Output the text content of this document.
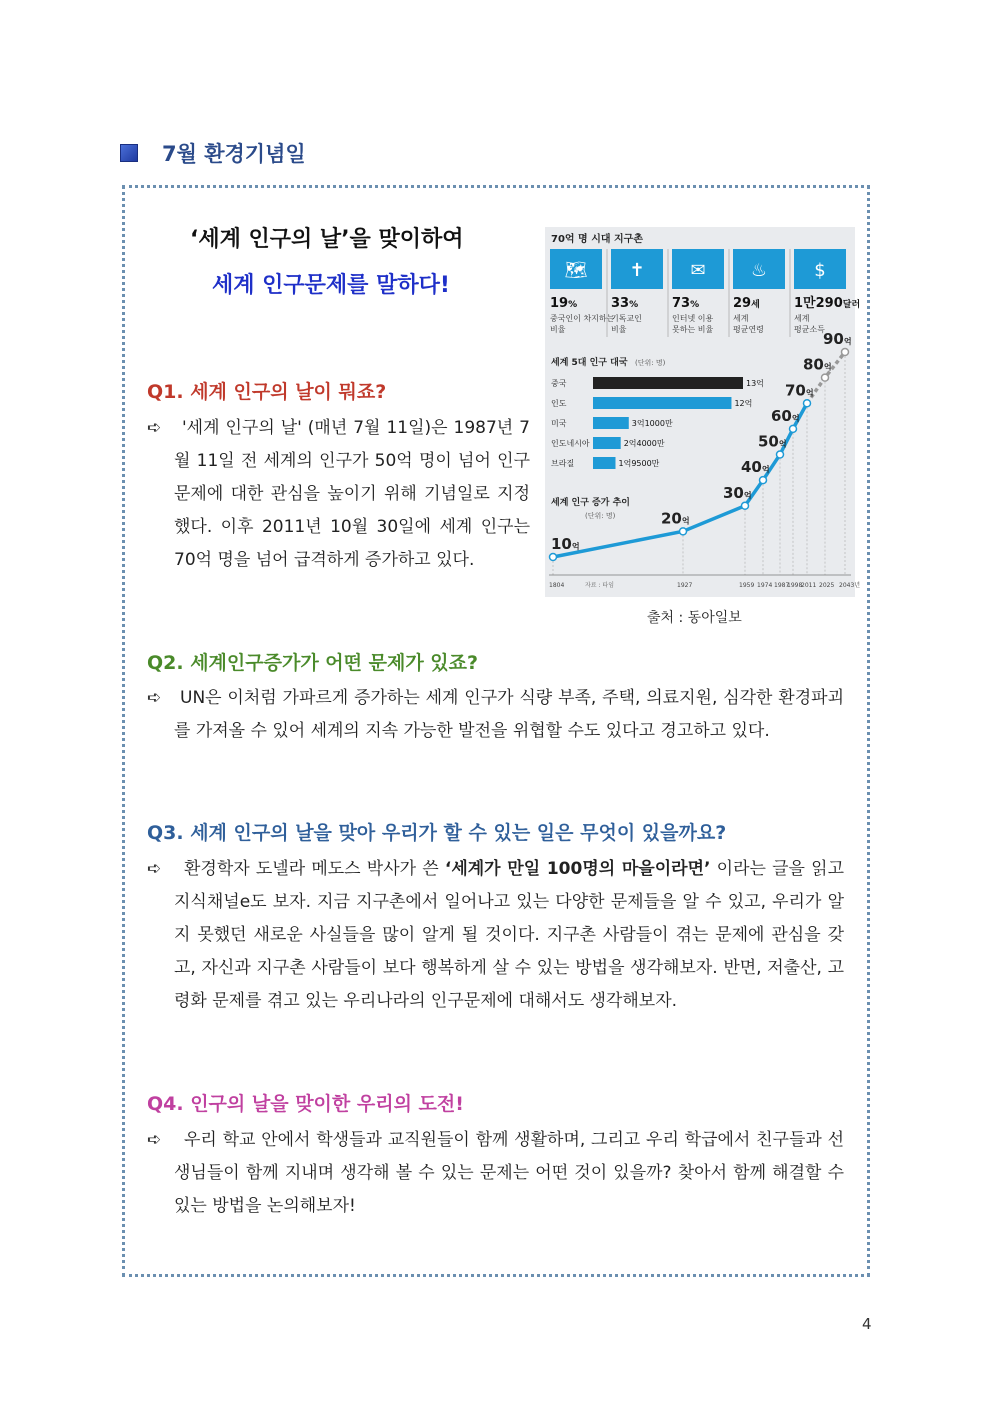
7월 환경기념일
‘세계 인구의 날’을 맞이하여
세계 인구문제를 말하다!
70억 명 시대 지구촌
🗺
19%
중국인이 차지하는
비율
✝
33%
기독교인
비율
✉
73%
인터넷 이용
못하는 비율
♨
29세
세계
평균연령
$
1만290달러
세계
평균소득
세계 5대 인구 대국 (단위: 명)
중국	13억
인도	12억
미국	3억1000만
인도네시아	2억4000만
브라질	1억9500만
세계 인구 증가 추이
(단위: 명)
10억
20억
30억
40억
50억
60억
70억
80억
90억
1804	1927	1959 1974 1987
1998
2011 2025 2043년
자료 : 타임
출처 : 동아일보
Q1. 세계 인구의 날이 뭐죠?
➪	'세계 인구의 날' (매년 7월 11일)은 1987년 7월 11일 전 세계의 인구가 50억 명이 넘어 인구 문제에 대한 관심을 높이기 위해 기념일로 지정했다. 이후 2011년 10월 30일에 세계 인구는 70억 명을 넘어 급격하게 증가하고 있다.
Q2. 세계인구증가가 어떤 문제가 있죠?
➪	UN은 이처럼 가파르게 증가하는 세계 인구가 식량 부족, 주택, 의료지원, 심각한 환경파괴를 가져올 수 있어 세계의 지속 가능한 발전을 위협할 수도 있다고 경고하고 있다.
Q3. 세계 인구의 날을 맞아 우리가 할 수 있는 일은 무엇이 있을까요?
➪	환경학자 도넬라 메도스 박사가 쓴 ‘세계가 만일 100명의 마을이라면’ 이라는 글을 읽고 지식채널e도 보자. 지금 지구촌에서 일어나고 있는 다양한 문제들을 알 수 있고, 우리가 알지 못했던 새로운 사실들을 많이 알게 될 것이다. 지구촌 사람들이 겪는 문제에 관심을 갖고, 자신과 지구촌 사람들이 보다 행복하게 살 수 있는 방법을 생각해보자. 반면, 저출산, 고령화 문제를 겪고 있는 우리나라의 인구문제에 대해서도 생각해보자.
Q4. 인구의 날을 맞이한 우리의 도전!
➪	우리 학교 안에서 학생들과 교직원들이 함께 생활하며, 그리고 우리 학급에서 친구들과 선생님들이 함께 지내며 생각해 볼 수 있는 문제는 어떤 것이 있을까? 찾아서 함께 해결할 수 있는 방법을 논의해보자!
4
